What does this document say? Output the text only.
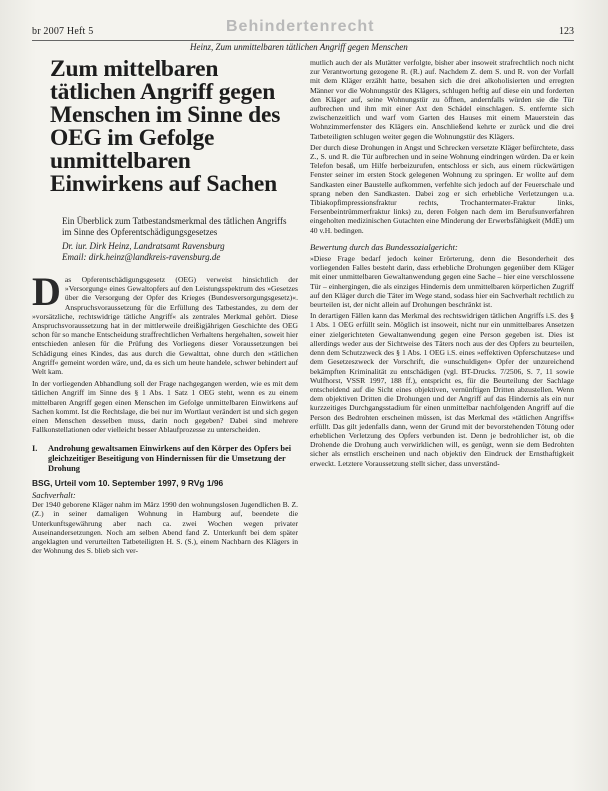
br 2007 Heft 5	Behindertenrecht	123
Heinz, Zum unmittelbaren tätlichen Angriff gegen Menschen
Zum mittelbaren tätlichen Angriff gegen Menschen im Sinne des OEG im Gefolge unmittelbaren Einwirkens auf Sachen
Ein Überblick zum Tatbestandsmerkmal des tätlichen Angriffs im Sinne des Opferentschädigungsgesetzes
Dr. iur. Dirk Heinz, Landratsamt Ravensburg
Email: dirk.heinz@landkreis-ravensburg.de
Das Opferentschädigungsgesetz (OEG) verweist hinsichtlich der »Versorgung« eines Gewaltopfers auf den Leistungsspektrum des »Gesetzes über die Versorgung der Opfer des Krieges (Bundesversorgungsgesetz)«. Anspruchsvoraussetzung für die Erfüllung des Tatbestandes, zu dem der »vorsätzliche, rechtswidrige tätliche Angriff« als zentrales Merkmal gehört. Diese Anspruchsvoraussetzung hat in der mittlerweile dreißigjährigen Geschichte des OEG schon für so manche Entscheidung straffrechtlichen Verhaltens hergehalten, soweit hier entschieden anlesen für die Prüfung des Vorliegens dieser Voraussetzungen bei Schädigung eines Kindes, das aus durch die Gewalttat, ohne durch den »tätlichen Angriff« gemeint worden wäre, und, da es sich um heute handele, schwer behindert auf Welt kam.

In der vorliegenden Abhandlung soll der Frage nachgegangen werden, wie es mit dem tätlichen Angriff im Sinne des § 1 Abs. 1 Satz 1 OEG steht, wenn es zu einem mittelbaren Angriff gegen einen Menschen im Gefolge unmittelbaren Einwirkens auf Sachen kommt. Ist die Rechtslage, die bei nur im Wortlaut verändert ist und sich gegen einen Menschen desselben muss, darin noch gegeben? Dabei sind mehrere Fallkonstellationen oder vielleicht besser Ablaufprozesse zu unterscheiden.

I.	Androhung gewaltsamen Einwirkens auf den Körper des Opfers bei gleichzeitiger Beseitigung von Hindernissen für die Umsetzung der Drohung
BSG, Urteil vom 10. September 1997, 9 RVg 1/96
Sachverhalt:

Der 1940 geborene Kläger nahm im März 1990 den wohnungslosen Jugendlichen B. Z. (Z.) in seiner damaligen Wohnung in Hamburg auf, beendete die Unterkunftsgewährung aber nach ca. zwei Wochen wegen privater Auseinandersetzungen. Noch am selben Abend fand Z. Unterkunft bei dem später angeklagten und verurteilten Tatbeteiligten H. S. (S.), einem Nachbarn des Klägers in der Wohnung des S. blieb sich ver-

mutlich auch der als Mutätter verfolgte, bisher aber insoweit strafrechtlich noch nicht zur Verantwortung gezogene R. (R.) auf. Nachdem Z. dem S. und R. von der Vorfall mit dem Kläger erzählt hatte, besahen sich die drei alkoholisierten und erregten Männer vor die Wohnungstür des Klägers, schlugen heftig auf diese ein und forderten den Kläger auf, seine Wohnungstür zu öffnen, andernfalls würden sie die Tür aufbrechen und ihm mit einer Axt den Schädel einschlagen. S. entfernte sich zwischenzeitlich und warf vom Garten des Hauses mit einem Mauerstein das Wohnzimmerfenster des Klägers ein. Anschließend kehrte er zurück und die drei Tatbeteiligten schlugen weiter gegen die Wohnungstür des Klägers.

Der durch diese Drohungen in Angst und Schrecken versetzte Kläger befürchtete, dass Z., S. und R. die Tür aufbrechen und in seine Wohnung eindringen würden. Da er kein Telefon besaß, um Hilfe herbeizurufen, entschloss er sich, aus einem rückwärtigen Fenster seiner im ersten Stock gelegenen Wohnung zu springen. Er wollte auf dem Sandkasten einer Baustelle aufkommen, verfehlte sich jedoch auf der Feuerschale und sprang neben den Sandkasten. Dabei zog er sich erhebliche Verletzungen u.a. Tibiakopfimpressionsfraktur rechts, Trochantermater-Fraktur links, Fersenbeintrümmerfraktur links) zu, deren Folgen nach dem im Berufsunverfahren eingeholten medizinischen Gutachten eine Minderung der Erwerbsfähigkeit (MdE) um 40 v.H. bedingen.

Bewertung durch das Bundessozialgericht:

»Diese Frage bedarf jedoch keiner Erörterung, denn die Besonderheit des vorliegenden Falles besteht darin, dass erhebliche Drohungen gegenüber dem Kläger mit einer unmittelbaren Gewaltanwendung gegen eine Sache – hier eine verschlossene Tür – einhergingen, die als einziges Hindernis dem unmittelbaren körperlichen Zugriff auf den Kläger durch die Täter im Wege stand, sodass hier ein Sachverhalt rechtlich zu beurteilen ist, der nicht allein auf Drohungen beschränkt ist.

In derartigen Fällen kann das Merkmal des rechtswidrigen tätlichen Angriffs i.S. des § 1 Abs. 1 OEG erfüllt sein. Möglich ist insoweit, nicht nur ein unmittelbares Ansetzen einer zielgerichteten Gewaltanwendung gegen eine Person gegeben ist. Dies ist allerdings weder aus der Sichtweise des Täters noch aus der des Opfers zu beurteilen, denn dem Schutzzweck des § 1 Abs. 1 OEG i.S. eines »effektiven Opferschutzes« und dem Gesetzeszweck der Vorschrift, die »unschuldigen« Opfer der unzureichend bekämpften Kriminalität zu entschädigen (vgl. BT-Drucks. 7/2506, S. 7, 11 sowie Wulfhorst, VSSR 1997, 188 ff.), entspricht es, für die Beurteilung der Sachlage entscheidend auf die Sicht eines objektiven, vernünftigen Dritten abzustellen. Wenn dem objektiven Dritten die Drohungen und der Angriff auf das Hindernis als ein nur kurzzeitiges Durchgangsstadium für einen unmittelbar nachfolgenden Angriff auf die Person des Bedrohten erscheinen müssen, ist das Merkmal des »tätlichen Angriffs« erfüllt. Das gilt jedenfalls dann, wenn der Grund mit der bevorstehenden Tötung oder erheblichen Verletzung des Opfers verbunden ist. Denn je bedrohlicher ist, ob die Drohende die Drohung auch verwirklichen will, es genügt, wenn sie dem Bedrohten sicher als ernstlich erscheinen und nach objektiv den Eindruck der Ernsthaftigkeit erweckt. Letztere Voraussetzung stellt sicher, dass unverständ-
